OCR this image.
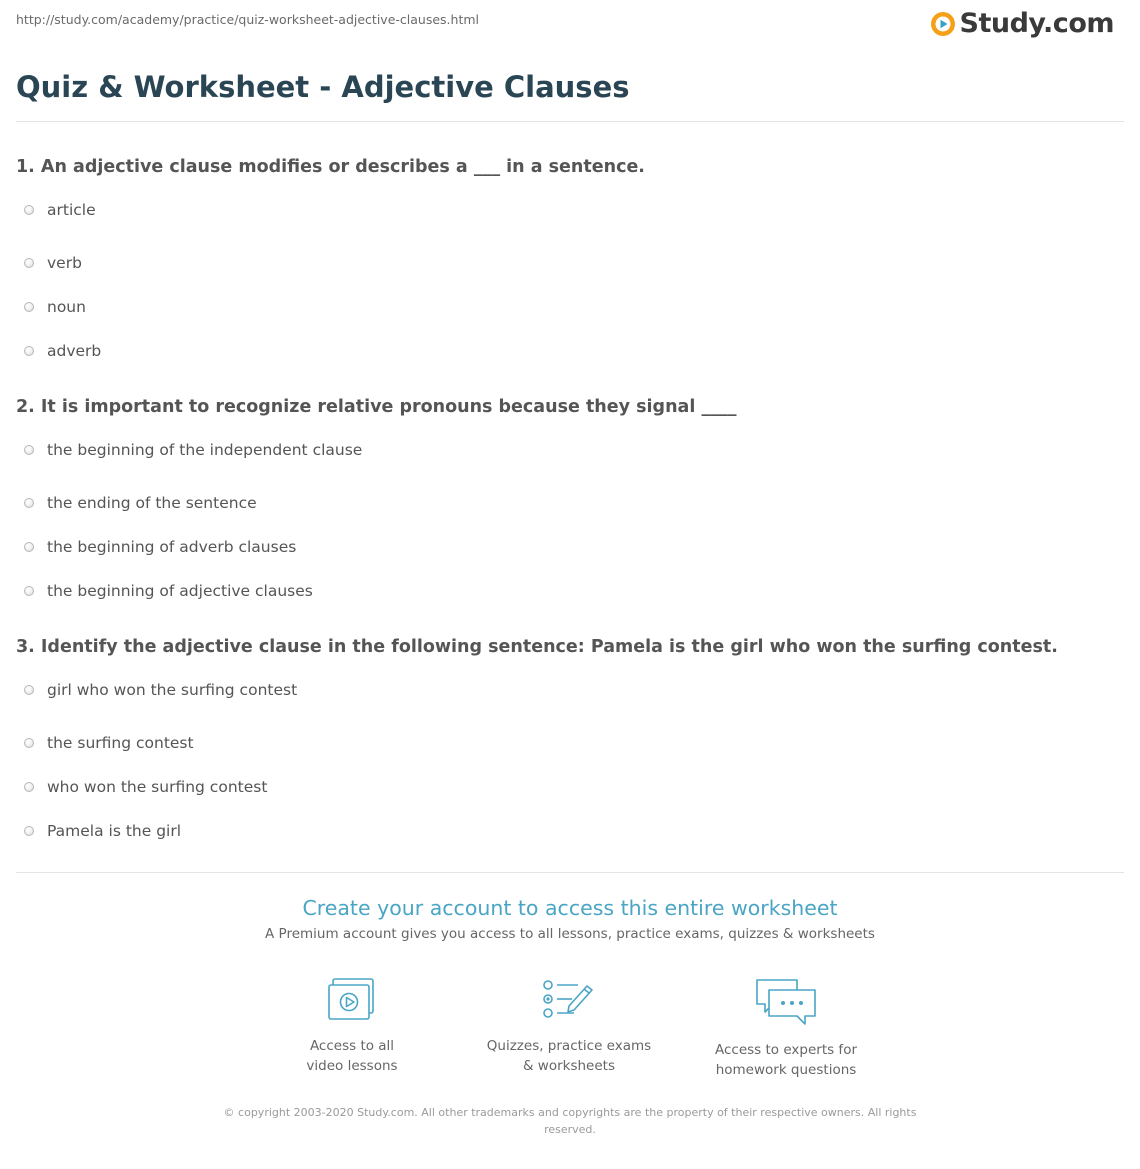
http://study.com/academy/practice/quiz-worksheet-adjective-clauses.html	Study.com
Quiz & Worksheet - Adjective Clauses
1. An adjective clause modifies or describes a ___ in a sentence.
article
verb
noun
adverb
2. It is important to recognize relative pronouns because they signal ____
the beginning of the independent clause
the ending of the sentence
the beginning of adverb clauses
the beginning of adjective clauses
3. Identify the adjective clause in the following sentence: Pamela is the girl who won the surfing contest.
girl who won the surfing contest
the surfing contest
who won the surfing contest
Pamela is the girl
Create your account to access this entire worksheet
A Premium account gives you access to all lessons, practice exams, quizzes & worksheets
Access to all
video lessons
Quizzes, practice exams
& worksheets
Access to experts for
homework questions
© copyright 2003-2020 Study.com. All other trademarks and copyrights are the property of their respective owners. All rights
reserved.
